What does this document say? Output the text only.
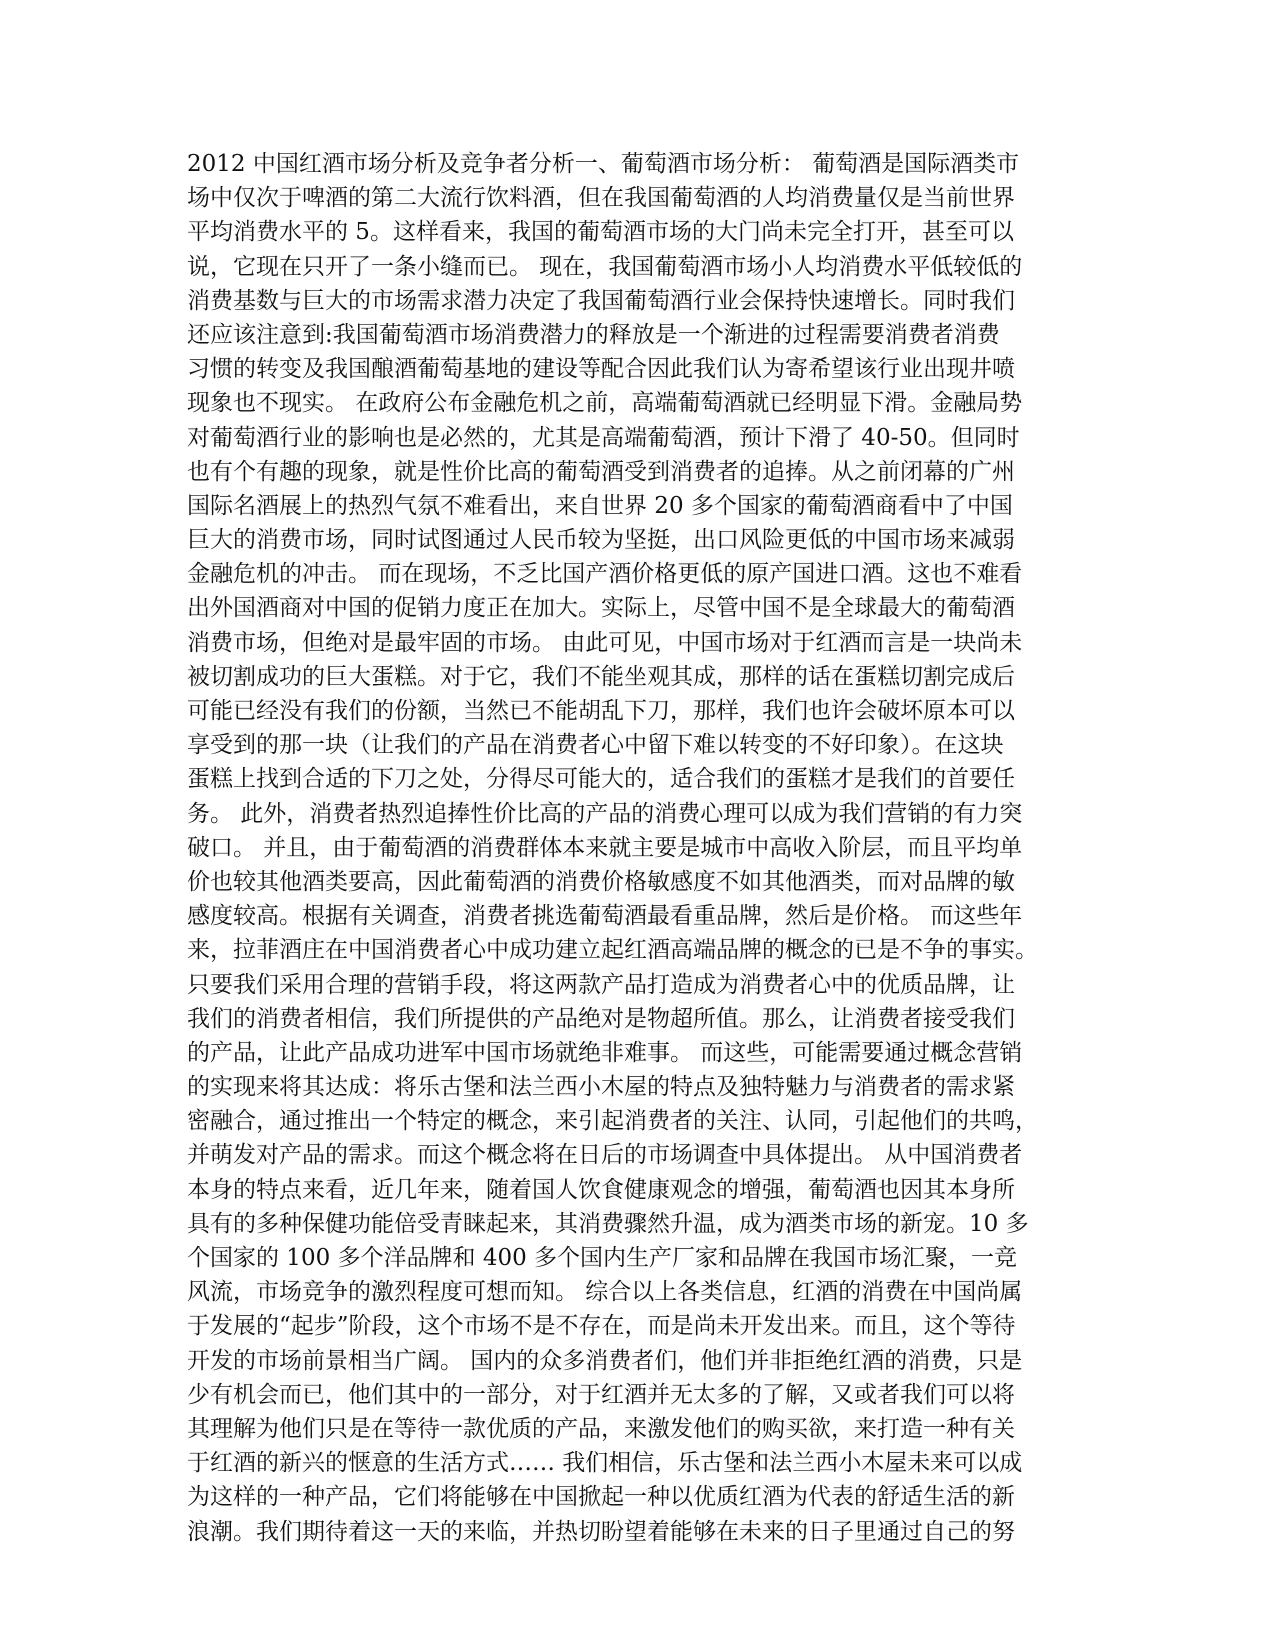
2012 中国红酒市场分析及竞争者分析一、葡萄酒市场分析： 葡萄酒是国际酒类市
场中仅次于啤酒的第二大流行饮料酒，但在我国葡萄酒的人均消费量仅是当前世界
平均消费水平的 5。这样看来，我国的葡萄酒市场的大门尚未完全打开，甚至可以
说，它现在只开了一条小缝而已。 现在，我国葡萄酒市场小人均消费水平低较低的
消费基数与巨大的市场需求潜力决定了我国葡萄酒行业会保持快速增长。同时我们
还应该注意到:我国葡萄酒市场消费潜力的释放是一个渐进的过程需要消费者消费
习惯的转变及我国酿酒葡萄基地的建设等配合因此我们认为寄希望该行业出现井喷
现象也不现实。 在政府公布金融危机之前，高端葡萄酒就已经明显下滑。金融局势
对葡萄酒行业的影响也是必然的，尤其是高端葡萄酒，预计下滑了 40-50。但同时
也有个有趣的现象，就是性价比高的葡萄酒受到消费者的追捧。从之前闭幕的广州
国际名酒展上的热烈气氛不难看出，来自世界 20 多个国家的葡萄酒商看中了中国
巨大的消费市场，同时试图通过人民币较为坚挺，出口风险更低的中国市场来减弱
金融危机的冲击。 而在现场，不乏比国产酒价格更低的原产国进口酒。这也不难看
出外国酒商对中国的促销力度正在加大。实际上，尽管中国不是全球最大的葡萄酒
消费市场，但绝对是最牢固的市场。 由此可见，中国市场对于红酒而言是一块尚未
被切割成功的巨大蛋糕。对于它，我们不能坐观其成，那样的话在蛋糕切割完成后
可能已经没有我们的份额，当然已不能胡乱下刀，那样，我们也许会破坏原本可以
享受到的那一块（让我们的产品在消费者心中留下难以转变的不好印象）。在这块
蛋糕上找到合适的下刀之处，分得尽可能大的，适合我们的蛋糕才是我们的首要任
务。 此外，消费者热烈追捧性价比高的产品的消费心理可以成为我们营销的有力突
破口。 并且，由于葡萄酒的消费群体本来就主要是城市中高收入阶层，而且平均单
价也较其他酒类要高，因此葡萄酒的消费价格敏感度不如其他酒类，而对品牌的敏
感度较高。根据有关调查，消费者挑选葡萄酒最看重品牌，然后是价格。 而这些年
来，拉菲酒庄在中国消费者心中成功建立起红酒高端品牌的概念的已是不争的事实。
只要我们采用合理的营销手段，将这两款产品打造成为消费者心中的优质品牌，让
我们的消费者相信，我们所提供的产品绝对是物超所值。那么，让消费者接受我们
的产品，让此产品成功进军中国市场就绝非难事。 而这些，可能需要通过概念营销
的实现来将其达成：将乐古堡和法兰西小木屋的特点及独特魅力与消费者的需求紧
密融合，通过推出一个特定的概念，来引起消费者的关注、认同，引起他们的共鸣，
并萌发对产品的需求。而这个概念将在日后的市场调查中具体提出。 从中国消费者
本身的特点来看，近几年来，随着国人饮食健康观念的增强，葡萄酒也因其本身所
具有的多种保健功能倍受青睐起来，其消费骤然升温，成为酒类市场的新宠。10 多
个国家的 100 多个洋品牌和 400 多个国内生产厂家和品牌在我国市场汇聚，一竞
风流，市场竞争的激烈程度可想而知。 综合以上各类信息，红酒的消费在中国尚属
于发展的“起步”阶段，这个市场不是不存在，而是尚未开发出来。而且，这个等待
开发的市场前景相当广阔。 国内的众多消费者们，他们并非拒绝红酒的消费，只是
少有机会而已，他们其中的一部分，对于红酒并无太多的了解，又或者我们可以将
其理解为他们只是在等待一款优质的产品，来激发他们的购买欲，来打造一种有关
于红酒的新兴的惬意的生活方式…… 我们相信，乐古堡和法兰西小木屋未来可以成
为这样的一种产品，它们将能够在中国掀起一种以优质红酒为代表的舒适生活的新
浪潮。我们期待着这一天的来临，并热切盼望着能够在未来的日子里通过自己的努
